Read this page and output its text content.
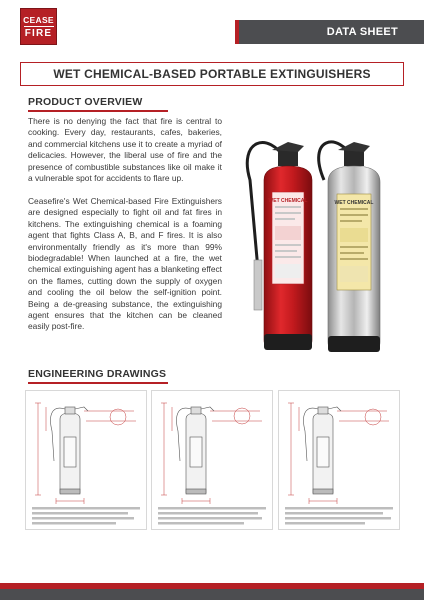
CEASE
FIRE	DATA SHEET
WET CHEMICAL-BASED PORTABLE EXTINGUISHERS
PRODUCT OVERVIEW

There is no denying the fact that fire is central to cooking. Every day, restaurants, cafes, bakeries, and commercial kitchens use it to create a myriad of delicacies. However, the liberal use of fire and the presence of combustible substances like oil make it a vulnerable spot for accidents to flare up.

Ceasefire's Wet Chemical-based Fire Extinguishers are designed especially to fight oil and fat fires in kitchens. The extinguishing chemical is a foaming agent that fights Class A, B, and F fires. It is also environmentally friendly as it's more than 99% biodegradable! When launched at a fire, the wet chemical extinguishing agent has a blanketing effect on the flames, cutting down the supply of oxygen and cooling the oil below the self-ignition point. Being a de-greasing substance, the extinguishing agent ensures that the kitchen can be cleaned easily post-fire.

WET CHEMICAL	WET CHEMICAL
ENGINEERING DRAWINGS
